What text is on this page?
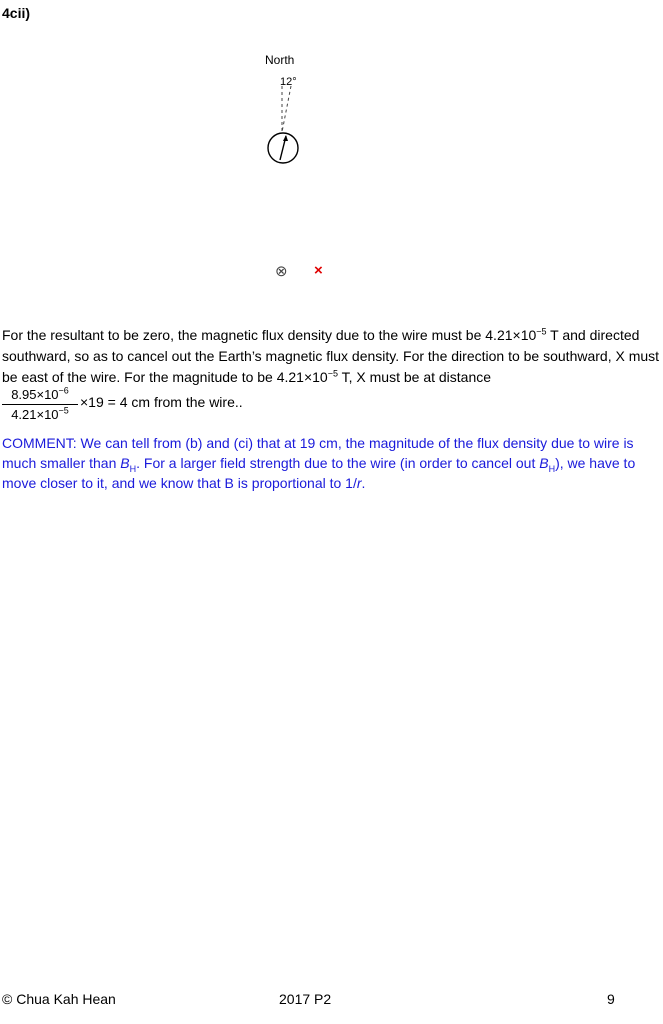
4cii)
North
12°
⊗ ×
For the resultant to be zero, the magnetic flux density due to the wire must be $4.21\times 10^{-5}$ T and directed southward, so as to cancel out the Earth’s magnetic flux density. For the direction to be southward, X must be east of the wire. For the magnitude to be $4.21\times 10^{-5}$ T, X must be at distance
$\frac{8.95\times 10^{-6}}{4.21\times 10^{-5}} \times 19 = 4$ cm from the wire..
COMMENT: We can tell from (b) and (ci) that at 19 cm, the magnitude of the flux density due to wire is much smaller than $B_H$. For a larger field strength due to the wire (in order to cancel out $B_H$), we have to move closer to it, and we know that B is proportional to 1/r.
© Chua Kah Hean	2017 P2	9
